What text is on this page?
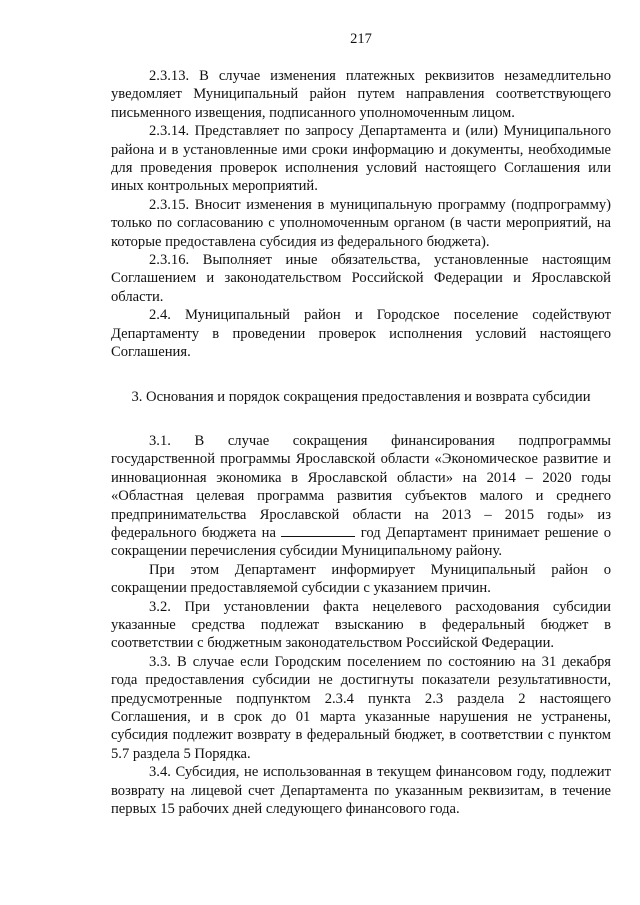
217

2.3.13. В случае изменения платежных реквизитов незамедлительно уведомляет Муниципальный район путем направления соответствующего письменного извещения, подписанного уполномоченным лицом.

2.3.14. Представляет по запросу Департамента и (или) Муниципального района и в установленные ими сроки информацию и документы, необходимые для проведения проверок исполнения условий настоящего Соглашения или иных контрольных мероприятий.

2.3.15. Вносит изменения в муниципальную программу (подпрограмму) только по согласованию с уполномоченным органом (в части мероприятий, на которые предоставлена субсидия из федерального бюджета).

2.3.16. Выполняет иные обязательства, установленные настоящим Соглашением и законодательством Российской Федерации и Ярославской области.

2.4. Муниципальный район и Городское поселение содействуют Департаменту в проведении проверок исполнения условий настоящего Соглашения.

3. Основания и порядок сокращения предоставления и возврата субсидии

3.1. В случае сокращения финансирования подпрограммы государственной программы Ярославской области «Экономическое развитие и инновационная экономика в Ярославской области» на 2014 – 2020 годы «Областная целевая программа развития субъектов малого и среднего предпринимательства Ярославской области на 2013 – 2015 годы» из федерального бюджета на	год Департамент принимает решение о сокращении перечисления субсидии Муниципальному району.

При этом Департамент информирует Муниципальный район о сокращении предоставляемой субсидии с указанием причин.

3.2. При установлении факта нецелевого расходования субсидии указанные средства подлежат взысканию в федеральный бюджет в соответствии с бюджетным законодательством Российской Федерации.

3.3. В случае если Городским поселением по состоянию на 31 декабря года предоставления субсидии не достигнуты показатели результативности, предусмотренные подпунктом 2.3.4 пункта 2.3 раздела 2 настоящего Соглашения, и в срок до 01 марта указанные нарушения не устранены, субсидия подлежит возврату в федеральный бюджет, в соответствии с пунктом 5.7 раздела 5 Порядка.

3.4. Субсидия, не использованная в текущем финансовом году, подлежит возврату на лицевой счет Департамента по указанным реквизитам, в течение первых 15 рабочих дней следующего финансового года.
